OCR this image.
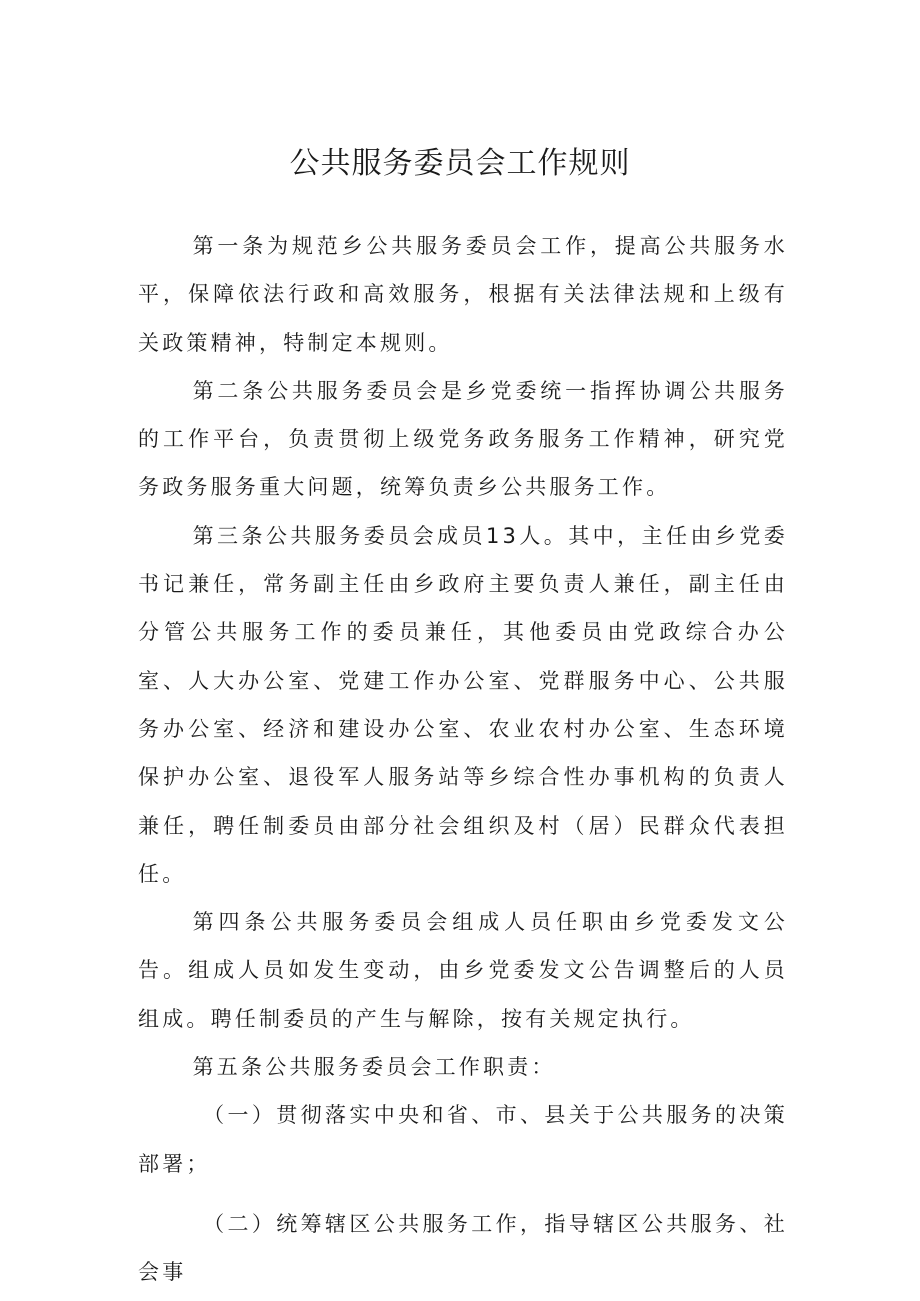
公共服务委员会工作规则

第一条为规范乡公共服务委员会工作，提高公共服务水平，保障依法行政和高效服务，根据有关法律法规和上级有关政策精神，特制定本规则。

第二条公共服务委员会是乡党委统一指挥协调公共服务的工作平台，负责贯彻上级党务政务服务工作精神，研究党务政务服务重大问题，统筹负责乡公共服务工作。

第三条公共服务委员会成员13人。其中，主任由乡党委书记兼任，常务副主任由乡政府主要负责人兼任，副主任由分管公共服务工作的委员兼任，其他委员由党政综合办公室、人大办公室、党建工作办公室、党群服务中心、公共服务办公室、经济和建设办公室、农业农村办公室、生态环境保护办公室、退役军人服务站等乡综合性办事机构的负责人兼任，聘任制委员由部分社会组织及村（居）民群众代表担任。

第四条公共服务委员会组成人员任职由乡党委发文公告。组成人员如发生变动，由乡党委发文公告调整后的人员组成。聘任制委员的产生与解除，按有关规定执行。

第五条公共服务委员会工作职责：

（一）贯彻落实中央和省、市、县关于公共服务的决策部署；

（二）统筹辖区公共服务工作，指导辖区公共服务、社会事
